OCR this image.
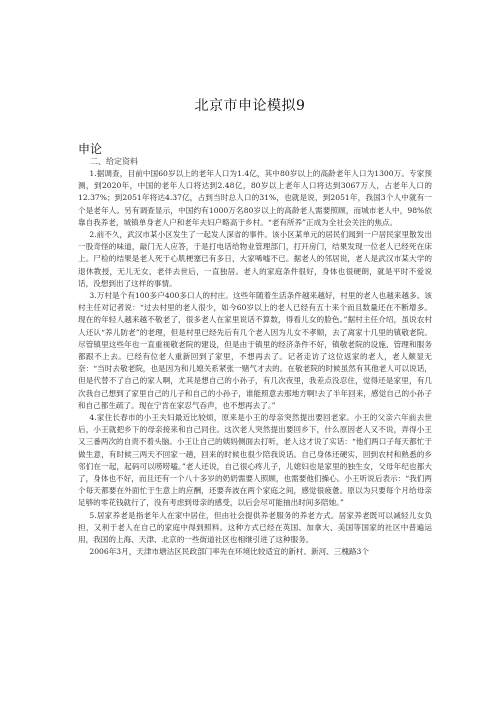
北京市申论模拟9
申论
二、给定资料

1.据调查，目前中国60岁以上的老年人口为1.4亿，其中80岁以上的高龄老年人口为1300万。专家预测，到2020年，中国的老年人口将达到2.48亿，80岁以上老年人口将达到3067万人，占老年人口的12.37%；到2051年将达4.37亿，占到当时总人口的31%，也就是说，到2051年，我国3个人中就有一个是老年人。另有调查显示，中国约有1000万名80岁以上的高龄老人需要照顾，而城市老人中，98%依靠自我养老，城镇单身老人户和老年夫妇户略高于乡村。“老有所养”正成为全社会关注的焦点。

2.前不久，武汉市某小区发生了一起发人深省的事件。该小区某单元的居民们闻到一户居民家里散发出一股奇怪的味道，敲门无人应答，于是打电话给物业管理部门，打开房门，结果发现一位老人已经死在床上。尸检的结果是老人死于心肌梗塞已有多日，大家唏嘘不已。据老人的邻居说，老人是武汉市某大学的退休教授，无儿无女，老伴去世后，一直独居。老人的家庭条件很好，身体也很硬朗，就是平时不爱说话，没想到出了这样的事情。

3.万村是个有100多户400多口人的村庄。这些年随着生活条件越来越好，村里的老人也越来越多。该村主任对记者说：“过去村里的老人很少，如今60岁以上的老人已经有五十来个而且数量还在不断增多。现在的年轻人越来越不敬老了，很多老人在家里说话不算数，得看儿女的脸色。”据村主任介绍，虽说农村人还认“养儿防老”的老理，但是村里已经先后有几个老人因为儿女不孝顺，去了离家十几里的镇敬老院。尽管镇里这些年也一直重视敬老院的建设，但是由于镇里的经济条件不好，镇敬老院的设施、管理和服务都跟不上去。已经有位老人重新回到了家里，不想再去了。记者走访了这位返家的老人，老人颇显无奈：“当时去敬老院，也是因为和儿媳关系紧张一赌气才去的。在敬老院的时候虽然有其他老人可以说话，但是代替不了自己的家人啊，尤其是想自己的小孙子，有几次夜里，我差点没忍住，觉得还是家里，有几次我自己想到了家里自己的儿子和自己的小孙子，谁能照意去那地方啊!去了半年回来，感觉自己的小孙子和自己都生疏了。现在宁肯在家忍气吞声，也不想再去了。”

4.家住长春市的小王夫妇最近比较烦，原来是小王的母亲突然提出要回老家。小王的父亲六年前去世后，小王就把乡下的母亲接来和自己同住。这次老人突然提出要回乡下，什么原因老人又不说，弄得小王又三番两次的自责不着头脑。小王让自己的姨妈侧面去打听，老人这才说了实话：“他们两口子每天都忙于做生意，有时候三两天不回家一趟，回来的时候也很少陪我说话。自己身体还硬实，回到农村和熟悉的乡邻们在一起，起码可以唠唠嗑。”老人还说，自己很心疼儿子，儿媳妇也是家里的独生女，父母年纪也都大了，身体也不好，而且还有一个八十多岁的奶奶需要人照顾，也需要他们操心。小王听说后表示：“我们两个每天都要在外面忙于生意上的应酬，还要奔波在两个家庭之间，感觉很疲惫。原以为只要每个月给母亲足够的零花钱就行了，没有考虑到母亲的感受，以后会尽可能抽出时间多陪她。”

5.居家养老是指老年人在家中居住，但由社会提供养老服务的养老方式。居家养老既可以减轻儿女负担，又利于老人在自己的家庭中得到照料。这种方式已经在英国、加拿大、美国等国家的社区中普遍运用，我国的上海、天津、北京的一些街道社区也相继引进了这种服务。

2006年3月，天津市塘沽区民政部门率先在环境比较适宜的新村、新河、三槐路3个
